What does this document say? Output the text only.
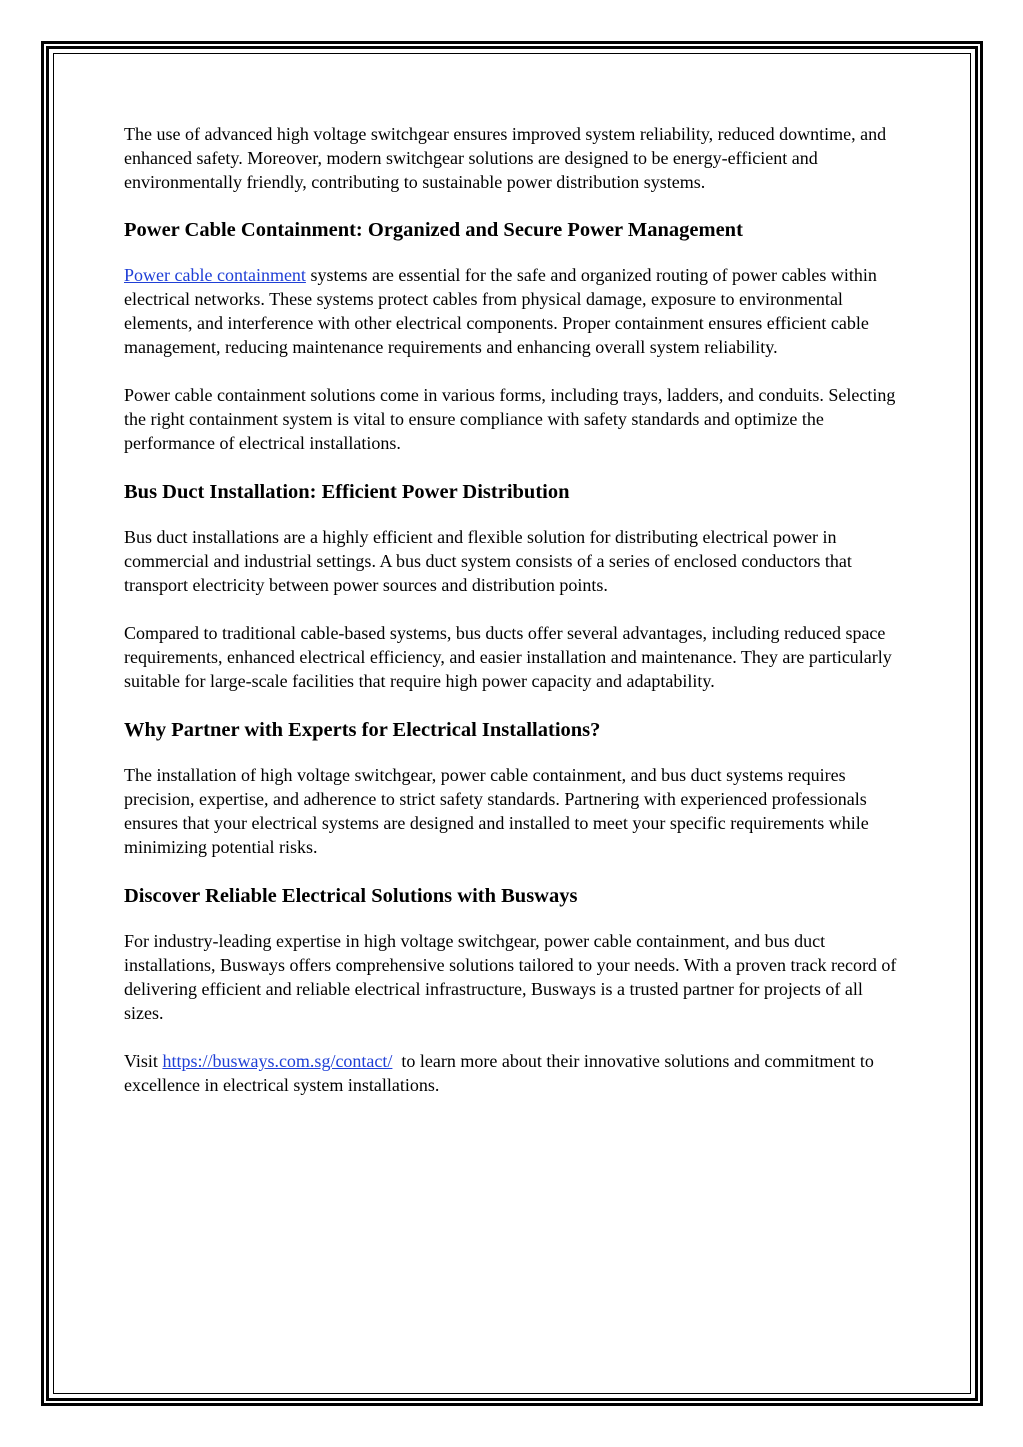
The use of advanced high voltage switchgear ensures improved system reliability, reduced downtime, and enhanced safety. Moreover, modern switchgear solutions are designed to be energy-efficient and environmentally friendly, contributing to sustainable power distribution systems.

Power Cable Containment: Organized and Secure Power Management

Power cable containment systems are essential for the safe and organized routing of power cables within electrical networks. These systems protect cables from physical damage, exposure to environmental elements, and interference with other electrical components. Proper containment ensures efficient cable management, reducing maintenance requirements and enhancing overall system reliability.

Power cable containment solutions come in various forms, including trays, ladders, and conduits. Selecting the right containment system is vital to ensure compliance with safety standards and optimize the performance of electrical installations.

Bus Duct Installation: Efficient Power Distribution

Bus duct installations are a highly efficient and flexible solution for distributing electrical power in commercial and industrial settings. A bus duct system consists of a series of enclosed conductors that transport electricity between power sources and distribution points.

Compared to traditional cable-based systems, bus ducts offer several advantages, including reduced space requirements, enhanced electrical efficiency, and easier installation and maintenance. They are particularly suitable for large-scale facilities that require high power capacity and adaptability.

Why Partner with Experts for Electrical Installations?

The installation of high voltage switchgear, power cable containment, and bus duct systems requires precision, expertise, and adherence to strict safety standards. Partnering with experienced professionals ensures that your electrical systems are designed and installed to meet your specific requirements while minimizing potential risks.

Discover Reliable Electrical Solutions with Busways

For industry-leading expertise in high voltage switchgear, power cable containment, and bus duct installations, Busways offers comprehensive solutions tailored to your needs. With a proven track record of delivering efficient and reliable electrical infrastructure, Busways is a trusted partner for projects of all sizes.

Visit https://busways.com.sg/contact/  to learn more about their innovative solutions and commitment to excellence in electrical system installations.
